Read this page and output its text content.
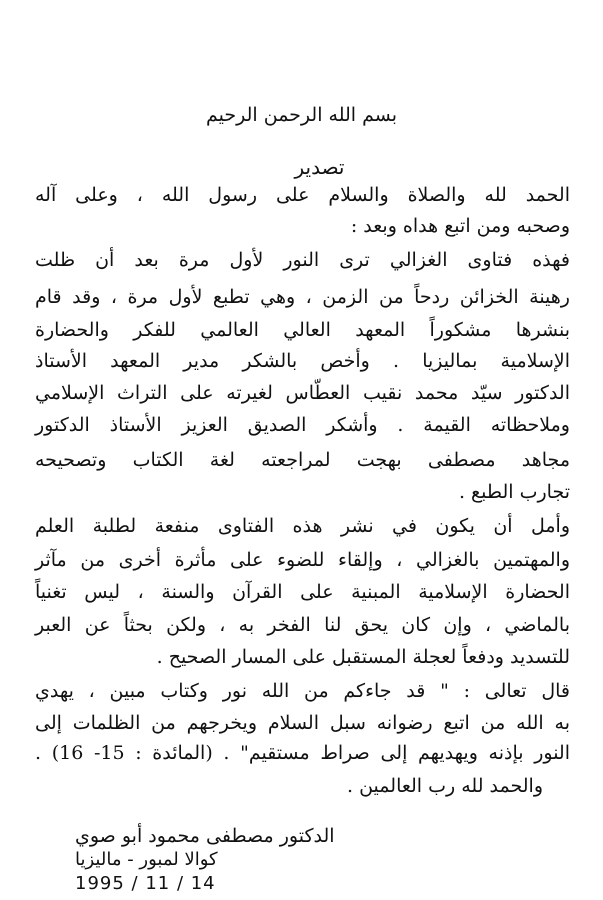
بسم الله الرحمن الرحيم
تصدير
الحمد لله والصلاة والسلام على رسول الله ، وعلى آله
وصحبه ومن اتبع هداه وبعد :
فهذه فتاوى الغزالي ترى النور لأول مرة بعد أن ظلت
رهينة الخزائن ردحاً من الزمن ، وهي تطبع لأول مرة ، وقد قام
بنشرها مشكوراً المعهد العالي العالمي للفكر والحضارة
الإسلامية بماليزيا . وأخص بالشكر مدير المعهد الأستاذ
الدكتور سيّد محمد نقيب العطّاس لغيرته على التراث الإسلامي
وملاحظاته القيمة . وأشكر الصديق العزيز الأستاذ الدكتور
مجاهد مصطفى بهجت لمراجعته لغة الكتاب وتصحيحه
تجارب الطبع .
وأمل أن يكون في نشر هذه الفتاوى منفعة لطلبة العلم
والمهتمين بالغزالي ، وإلقاء للضوء على مأثرة أخرى من مآثر
الحضارة الإسلامية المبنية على القرآن والسنة ، ليس تغنياً
بالماضي ، وإن كان يحق لنا الفخر به ، ولكن بحثاً عن العبر
للتسديد ودفعاً لعجلة المستقبل على المسار الصحيح .
قال تعالى : " قد جاءكم من الله نور وكتاب مبين ، يهدي
به الله من اتبع رضوانه سبل السلام ويخرجهم من الظلمات إلى
النور بإذنه ويهديهم إلى صراط مستقيم" . (المائدة : 15- 16) .
والحمد لله رب العالمين .
الدكتور مصطفى محمود أبو صوي
كوالا لمبور - ماليزيا
1995 / 11 / 14
